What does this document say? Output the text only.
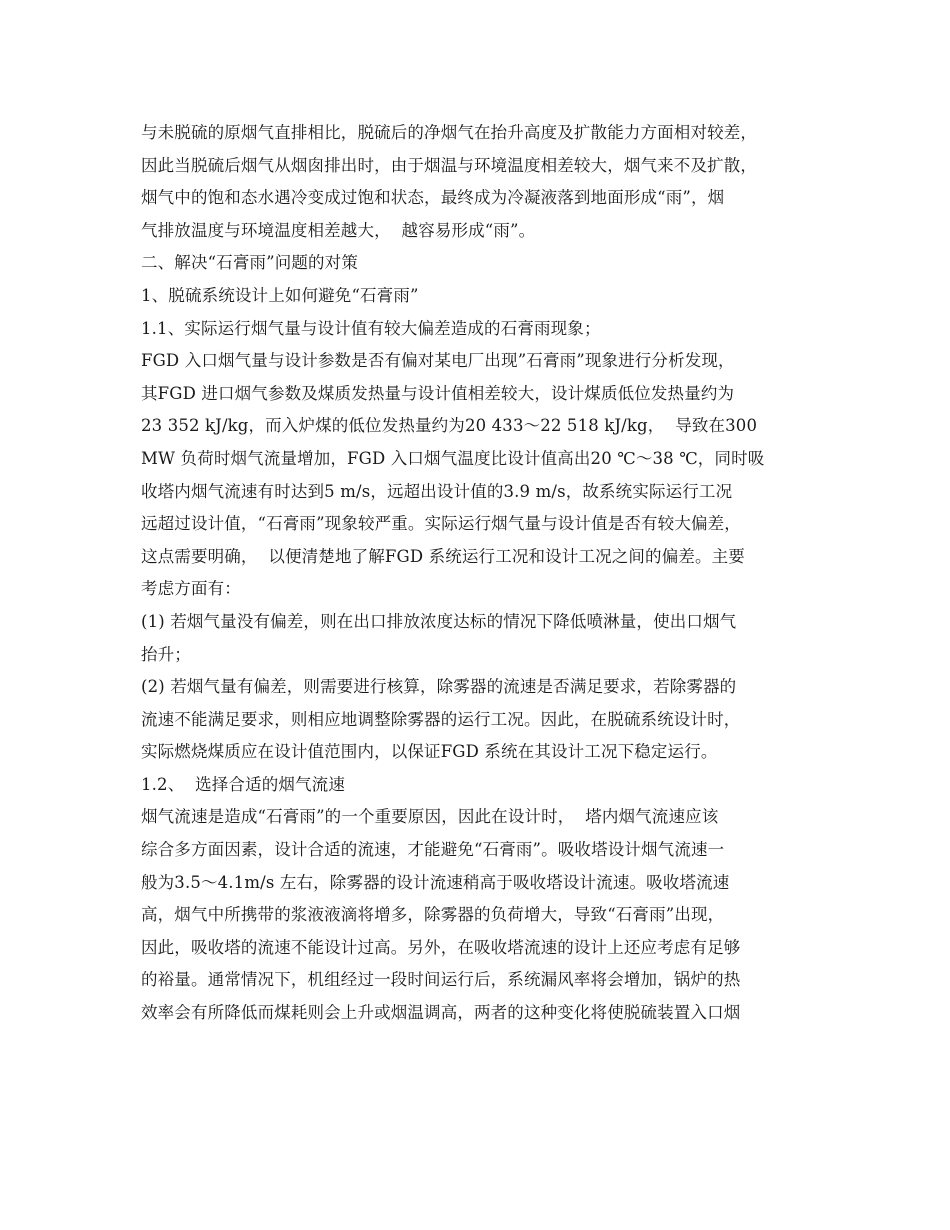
与未脱硫的原烟气直排相比，脱硫后的净烟气在抬升高度及扩散能力方面相对较差，
因此当脱硫后烟气从烟囱排出时，由于烟温与环境温度相差较大，烟气来不及扩散，
烟气中的饱和态水遇冷变成过饱和状态，最终成为冷凝液落到地面形成“雨”，烟
气排放温度与环境温度相差越大，  越容易形成“雨”。
二、解决“石膏雨”问题的对策
1、脱硫系统设计上如何避免“石膏雨”
1.1、实际运行烟气量与设计值有较大偏差造成的石膏雨现象；
FGD 入口烟气量与设计参数是否有偏对某电厂出现”石膏雨”现象进行分析发现，
其FGD 进口烟气参数及煤质发热量与设计值相差较大，设计煤质低位发热量约为
23 352 kJ/kg，而入炉煤的低位发热量约为20 433～22 518 kJ/kg，  导致在300
MW 负荷时烟气流量增加，FGD 入口烟气温度比设计值高出20 ℃～38 ℃，同时吸
收塔内烟气流速有时达到5 m/s，远超出设计值的3.9 m/s，故系统实际运行工况
远超过设计值，“石膏雨”现象较严重。实际运行烟气量与设计值是否有较大偏差，
这点需要明确，  以便清楚地了解FGD 系统运行工况和设计工况之间的偏差。主要
考虑方面有：
(1) 若烟气量没有偏差，则在出口排放浓度达标的情况下降低喷淋量，使出口烟气
抬升；
(2) 若烟气量有偏差，则需要进行核算，除雾器的流速是否满足要求，若除雾器的
流速不能满足要求，则相应地调整除雾器的运行工况。因此，在脱硫系统设计时，
实际燃烧煤质应在设计值范围内，以保证FGD 系统在其设计工况下稳定运行。
1.2、  选择合适的烟气流速
烟气流速是造成“石膏雨”的一个重要原因，因此在设计时，  塔内烟气流速应该
综合多方面因素，设计合适的流速，才能避免“石膏雨”。吸收塔设计烟气流速一
般为3.5～4.1m/s 左右，除雾器的设计流速稍高于吸收塔设计流速。吸收塔流速
高，烟气中所携带的浆液液滴将增多，除雾器的负荷增大，导致“石膏雨”出现，
因此，吸收塔的流速不能设计过高。另外，在吸收塔流速的设计上还应考虑有足够
的裕量。通常情况下，机组经过一段时间运行后，系统漏风率将会增加，锅炉的热
效率会有所降低而煤耗则会上升或烟温调高，两者的这种变化将使脱硫装置入口烟
